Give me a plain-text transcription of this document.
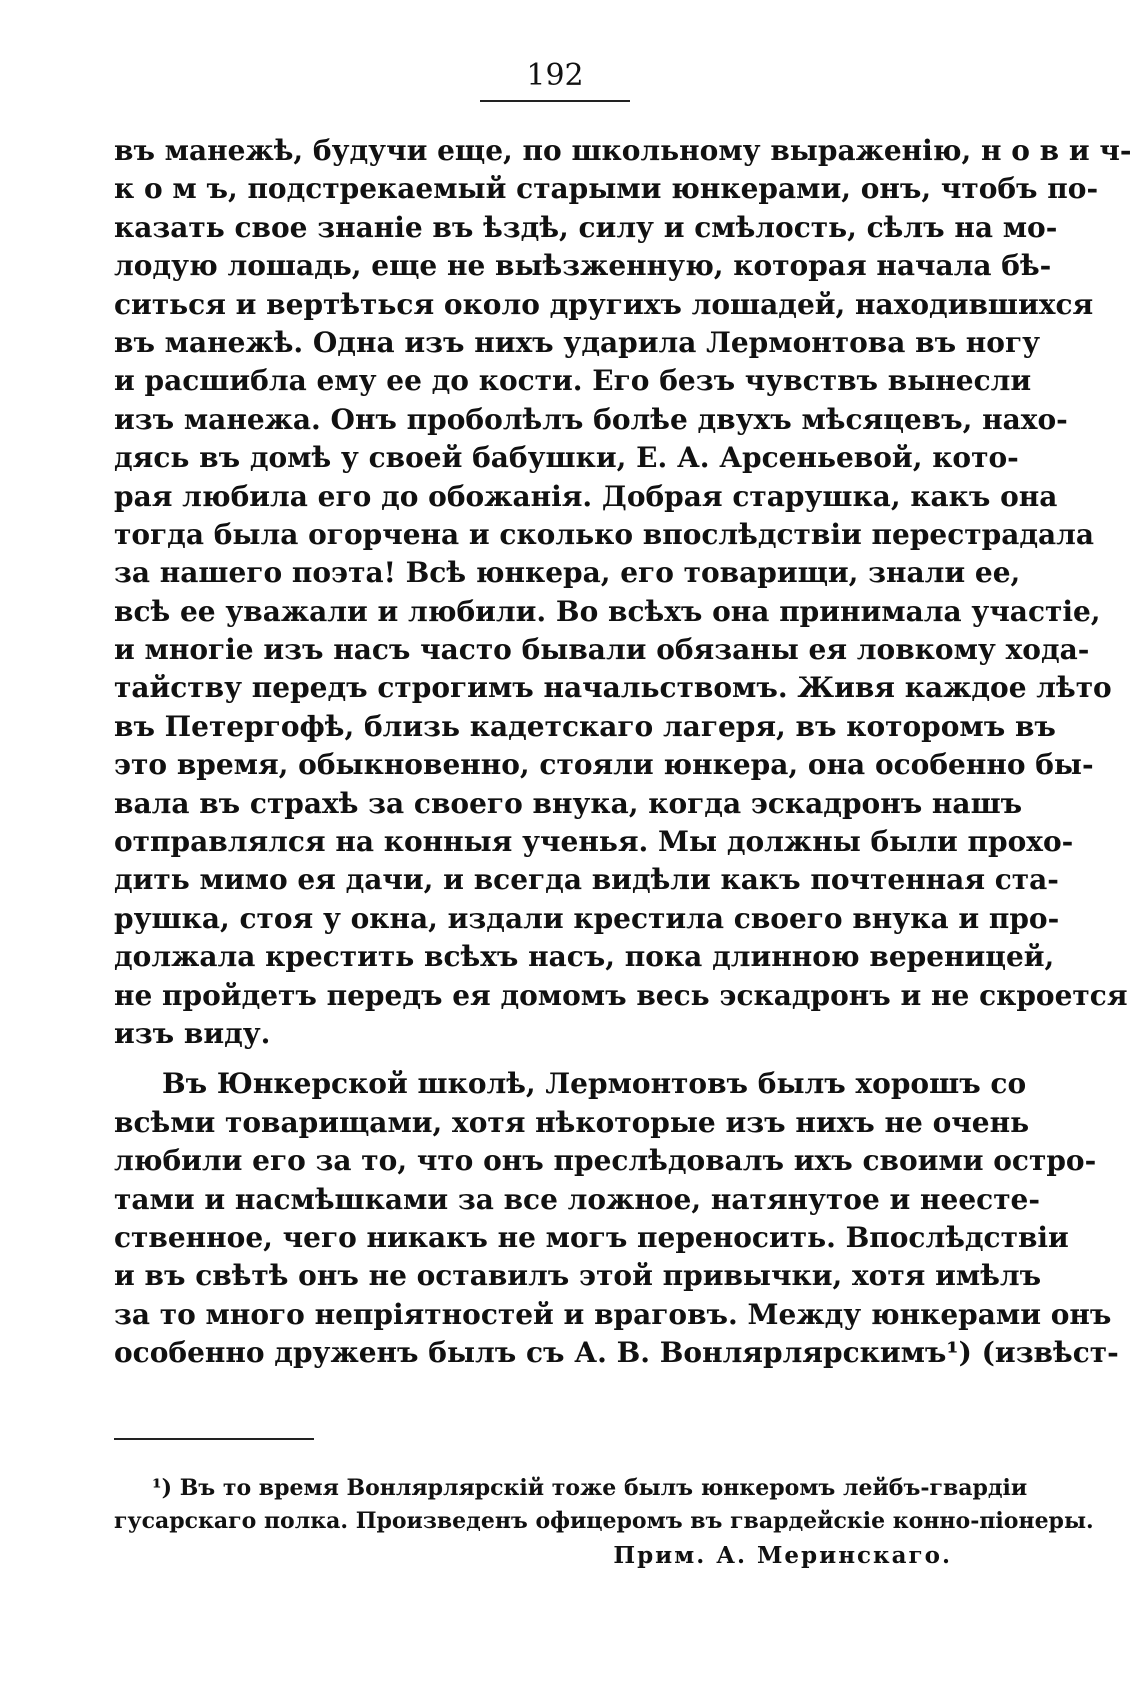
192
въ манежѣ, будучи еще, по школьному выраженію, н о в и ч-
к о м ъ, подстрекаемый старыми юнкерами, онъ, чтобъ по-
казать свое знаніе въ ѣздѣ, силу и смѣлость, сѣлъ на мо-
лодую лошадь, еще не выѣзженную, которая начала бѣ-
ситься и вертѣться около другихъ лошадей, находившихся
въ манежѣ. Одна изъ нихъ ударила Лермонтова въ ногу
и расшибла ему ее до кости. Его безъ чувствъ вынесли
изъ манежа. Онъ проболѣлъ болѣе двухъ мѣсяцевъ, нахо-
дясь въ домѣ у своей бабушки, Е. А. Арсеньевой, кото-
рая любила его до обожанія. Добрая старушка, какъ она
тогда была огорчена и сколько впослѣдствіи перестрадала
за нашего поэта! Всѣ юнкера, его товарищи, знали ее,
всѣ ее уважали и любили. Во всѣхъ она принимала участіе,
и многіе изъ насъ часто бывали обязаны ея ловкому хода-
тайству передъ строгимъ начальствомъ. Живя каждое лѣто
въ Петергофѣ, близь кадетскаго лагеря, въ которомъ въ
это время, обыкновенно, стояли юнкера, она особенно бы-
вала въ страхѣ за своего внука, когда эскадронъ нашъ
отправлялся на конныя ученья. Мы должны были прохо-
дить мимо ея дачи, и всегда видѣли какъ почтенная ста-
рушка, стоя у окна, издали крестила своего внука и про-
должала крестить всѣхъ насъ, пока длинною вереницей,
не пройдетъ передъ ея домомъ весь эскадронъ и не скроется
изъ виду.
Въ Юнкерской школѣ, Лермонтовъ былъ хорошъ со
всѣми товарищами, хотя нѣкоторые изъ нихъ не очень
любили его за то, что онъ преслѣдовалъ ихъ своими остро-
тами и насмѣшками за все ложное, натянутое и неесте-
ственное, чего никакъ не могъ переносить. Впослѣдствіи
и въ свѣтѣ онъ не оставилъ этой привычки, хотя имѣлъ
за то много непріятностей и враговъ. Между юнкерами онъ
особенно друженъ былъ съ А. В. Вонлярлярскимъ¹) (извѣст-
¹) Въ то время Вонлярлярскій тоже былъ юнкеромъ лейбъ-гвардіи
гусарскаго полка. Произведенъ офицеромъ въ гвардейскіе конно-піонеры.
Прим. А. Меринскаго.
